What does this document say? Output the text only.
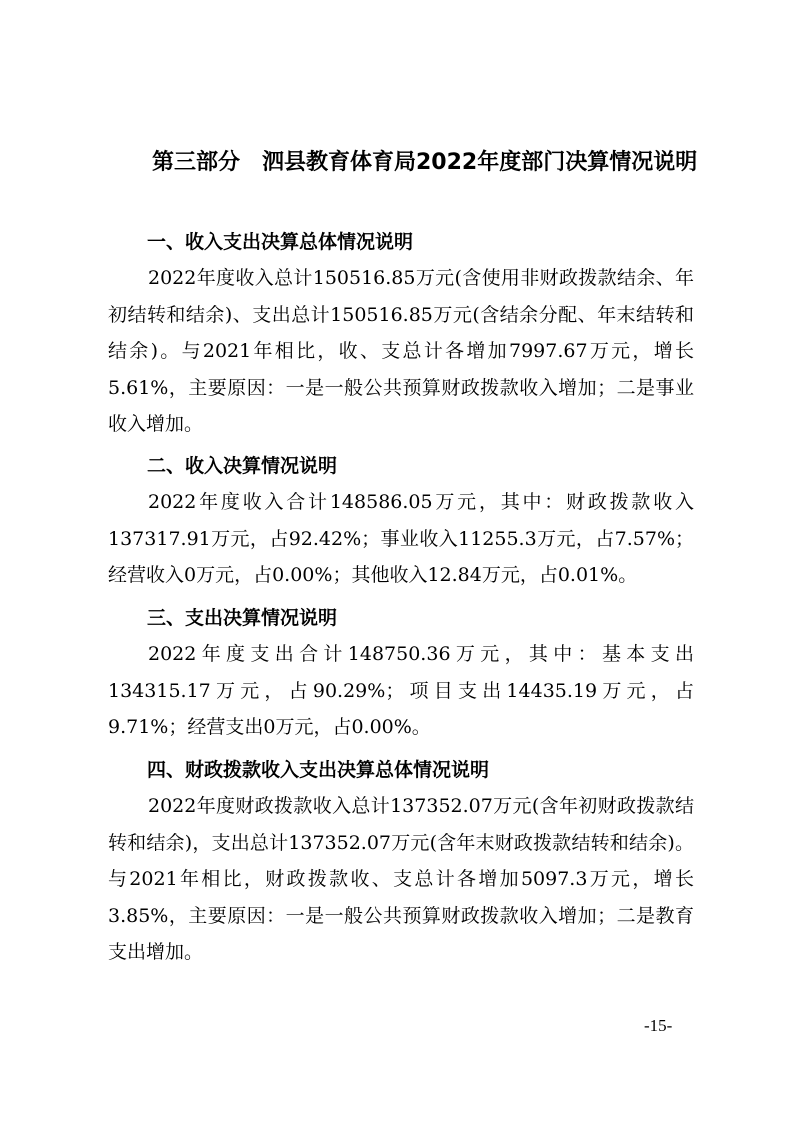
第三部分　泗县教育体育局2022年度部门决算情况说明
一、收入支出决算总体情况说明

2022年度收入总计150516.85万元(含使用非财政拨款结余、年初结转和结余)、支出总计150516.85万元(含结余分配、年末结转和结余)。与2021年相比，收、支总计各增加7997.67万元，增长5.61%，主要原因：一是一般公共预算财政拨款收入增加；二是事业收入增加。

二、收入决算情况说明

2022年度收入合计148586.05万元，其中：财政拨款收入137317.91万元，占92.42%；事业收入11255.3万元，占7.57%；经营收入0万元，占0.00%；其他收入12.84万元，占0.01%。

三、支出决算情况说明

2022年度支出合计148750.36万元，其中：基本支出134315.17万元，占90.29%；项目支出14435.19万元，占9.71%；经营支出0万元，占0.00%。

四、财政拨款收入支出决算总体情况说明

2022年度财政拨款收入总计137352.07万元(含年初财政拨款结转和结余)，支出总计137352.07万元(含年末财政拨款结转和结余)。与2021年相比，财政拨款收、支总计各增加5097.3万元，增长3.85%，主要原因：一是一般公共预算财政拨款收入增加；二是教育支出增加。

-15-
